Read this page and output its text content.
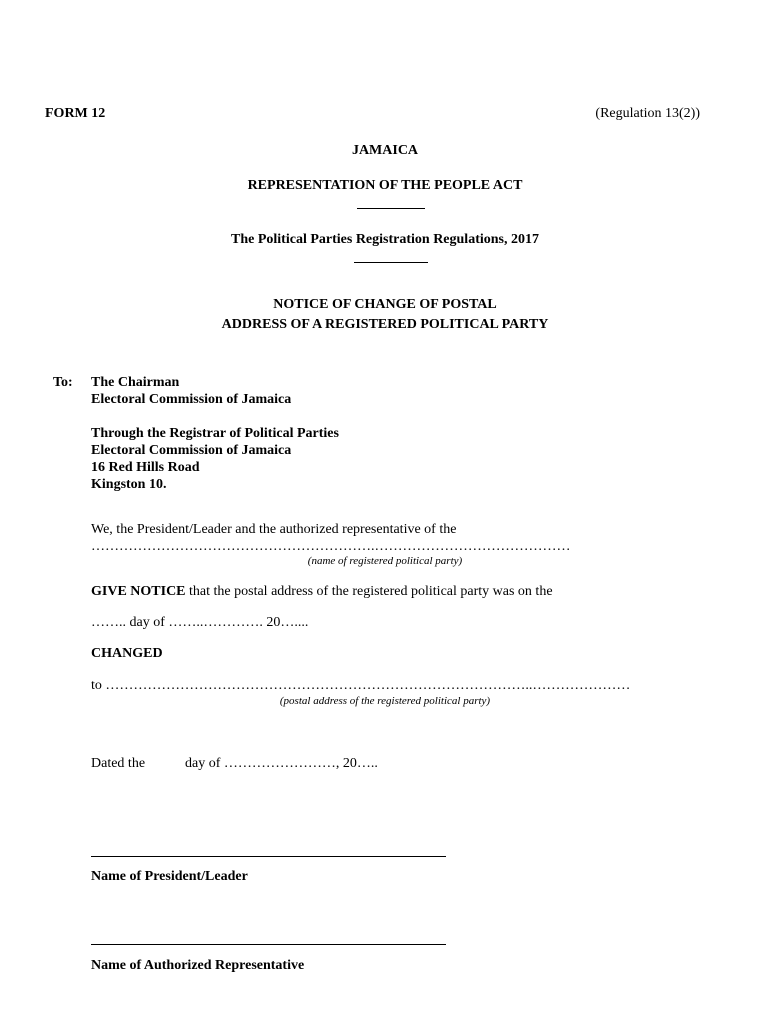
FORM 12	(Regulation 13(2))
JAMAICA
REPRESENTATION OF THE PEOPLE ACT
The Political Parties Registration Regulations, 2017
NOTICE OF CHANGE OF POSTAL
ADDRESS OF A REGISTERED POLITICAL PARTY
To: The Chairman
Electoral Commission of Jamaica
Through the Registrar of Political Parties
Electoral Commission of Jamaica
16 Red Hills Road
Kingston 10.
We, the President/Leader and the authorized representative of the
…………………………………………………….……………………………………
(name of registered political party)
GIVE NOTICE that the postal address of the registered political party was on the
…….. day of ……..…………. 20…....
CHANGED
to ………………………………………………………………………………..…………………
(postal address of the registered political party)
Dated the	day of ……………………, 20…..
Name of President/Leader
Name of Authorized Representative
